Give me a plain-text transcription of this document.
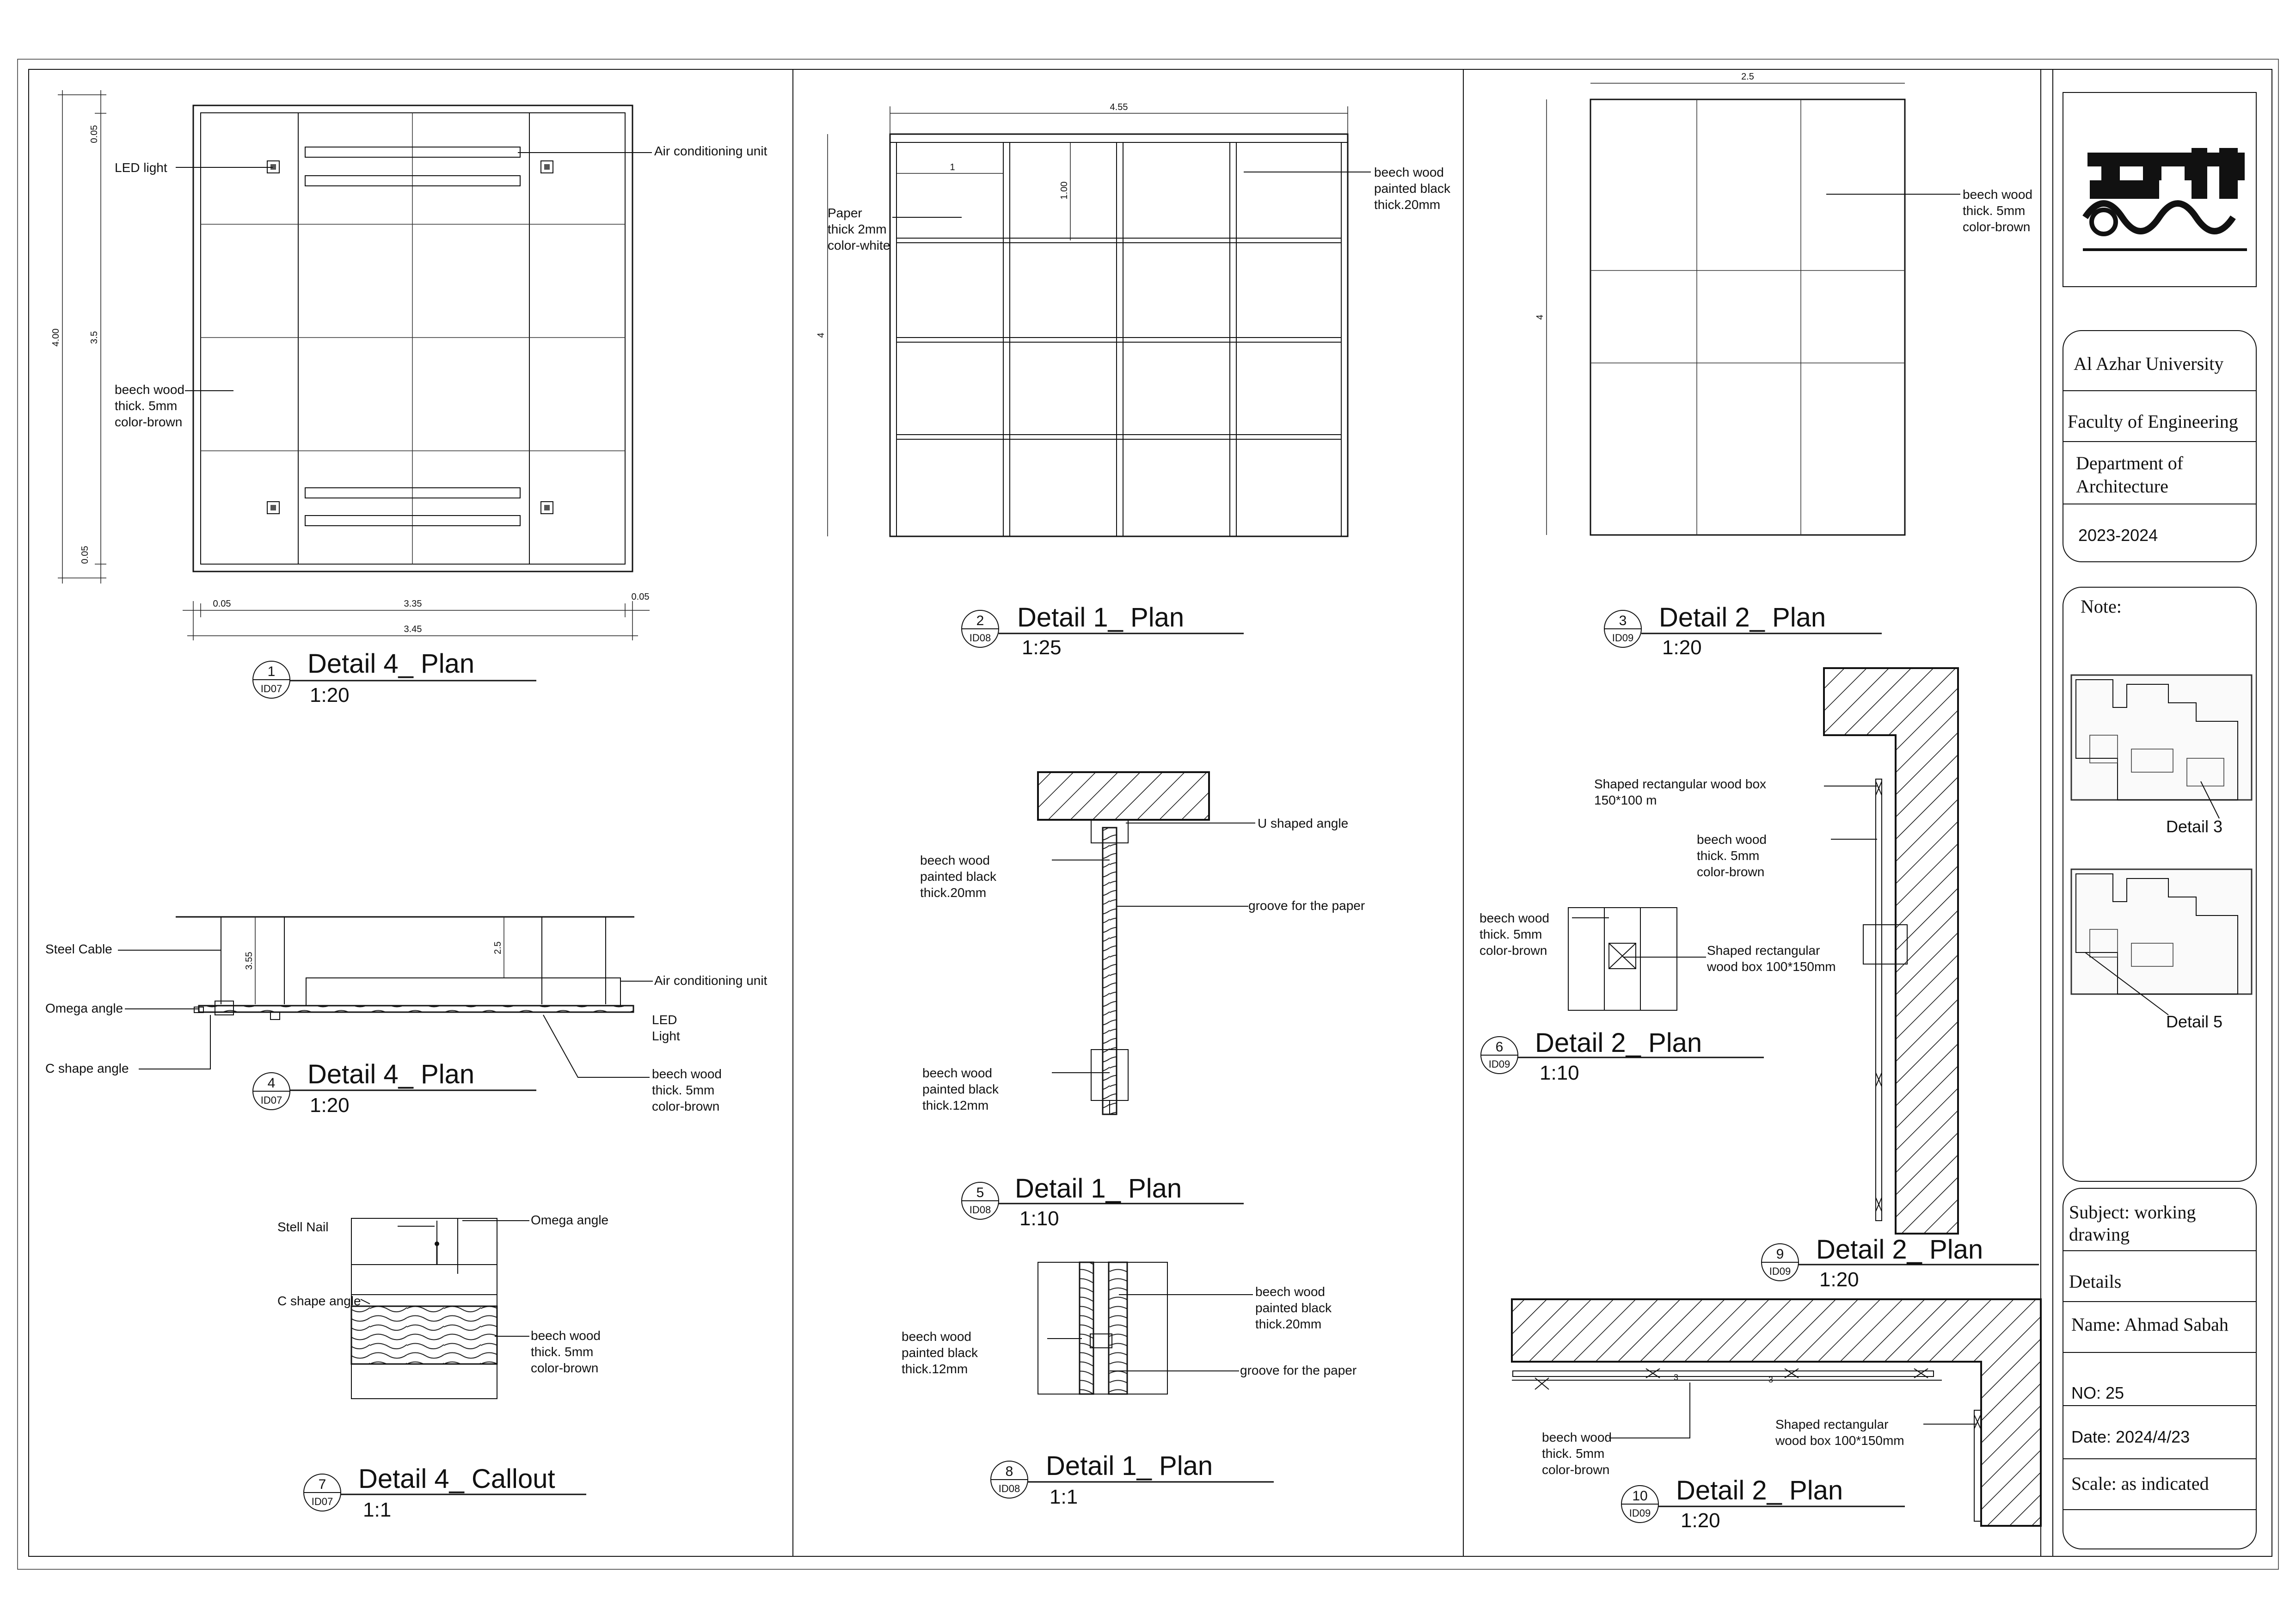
Al Azhar University
Faculty of Engineering
Department of
Architecture
2023-2024
Note:
Detail 3
Detail 5
Subject: working
drawing
Details
Name: Ahmad Sabah
NO: 25
Date: 2024/4/23
Scale: as indicated
LED light
Air conditioning unit
beech wood
thick. 5mm
color-brown
4.00
0.05
3.5
0.05
0.05	3.35
0.05
3.45
4.55
1
1.00
4
Paper
thick 2mm
color-white
beech wood
painted black
thick.20mm
2.5
4
beech wood
thick. 5mm
color-brown
3.55
2.5
Steel Cable
Omega angle
C shape angle
Air conditioning unit
LED
Light
beech wood
thick. 5mm
color-brown
U shaped angle
beech wood
painted black
thick.20mm
groove for the paper
beech wood
painted black
thick.12mm
beech wood
thick. 5mm
color-brown	Shaped rectangular
wood box 100*150mm
Stell Nail	Omega angle
C shape angle
beech wood
thick. 5mm
color-brown
beech wood
painted black
thick.12mm
beech wood
painted black
thick.20mm
groove for the paper
Shaped rectangular wood box
150*100 m
beech wood
thick. 5mm
color-brown
3	3
beech wood
thick. 5mm
color-brown
Shaped rectangular
wood box 100*150mm
1
ID07
Detail 4_ Plan
1:20
2
ID08
Detail 1_ Plan
1:25
3
ID09
Detail 2_ Plan
1:20
4
ID07
Detail 4_ Plan
1:20
5
ID08
Detail 1_ Plan
1:10
6
ID09
Detail 2_ Plan
1:10
7
ID07
Detail 4_ Callout
1:1
8
ID08
Detail 1_ Plan
1:1
9
ID09
Detail 2_ Plan
1:20
10
ID09
Detail 2_ Plan
1:20
